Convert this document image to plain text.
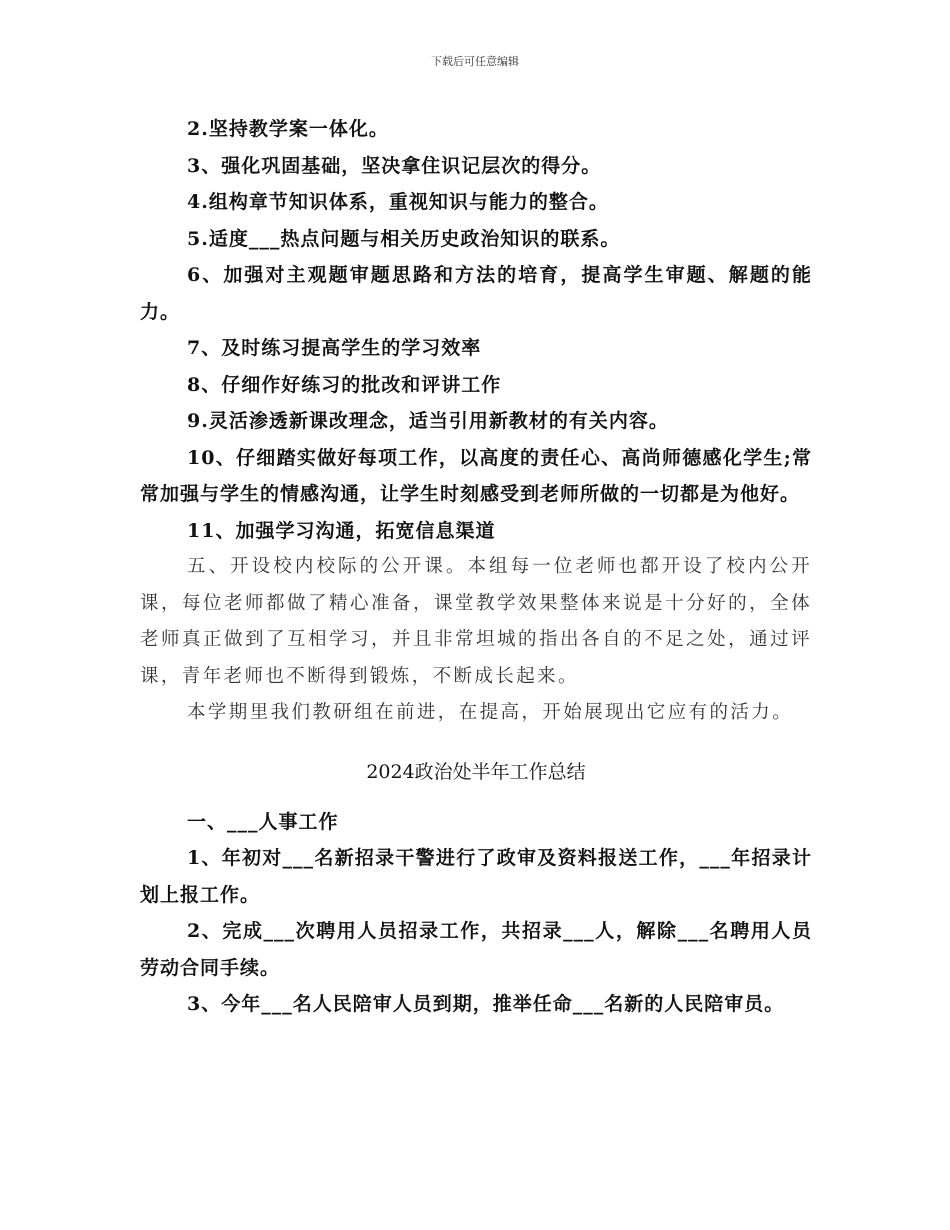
下载后可任意编辑

2.坚持教学案一体化。

3、强化巩固基础，坚决拿住识记层次的得分。

4.组构章节知识体系，重视知识与能力的整合。

5.适度___热点问题与相关历史政治知识的联系。

6、加强对主观题审题思路和方法的培育，提高学生审题、解题的能力。

7、及时练习提高学生的学习效率

8、仔细作好练习的批改和评讲工作

9.灵活渗透新课改理念，适当引用新教材的有关内容。

10、仔细踏实做好每项工作，以高度的责任心、高尚师德感化学生;常常加强与学生的情感沟通，让学生时刻感受到老师所做的一切都是为他好。

11、加强学习沟通，拓宽信息渠道

五、开设校内校际的公开课。本组每一位老师也都开设了校内公开课，每位老师都做了精心准备，课堂教学效果整体来说是十分好的，全体老师真正做到了互相学习，并且非常坦城的指出各自的不足之处，通过评课，青年老师也不断得到锻炼，不断成长起来。

本学期里我们教研组在前进，在提高，开始展现出它应有的活力。

2024政治处半年工作总结

一、___人事工作

1、年初对___名新招录干警进行了政审及资料报送工作，___年招录计划上报工作。

2、完成___次聘用人员招录工作，共招录___人，解除___名聘用人员劳动合同手续。

3、今年___名人民陪审人员到期，推举任命___名新的人民陪审员。
